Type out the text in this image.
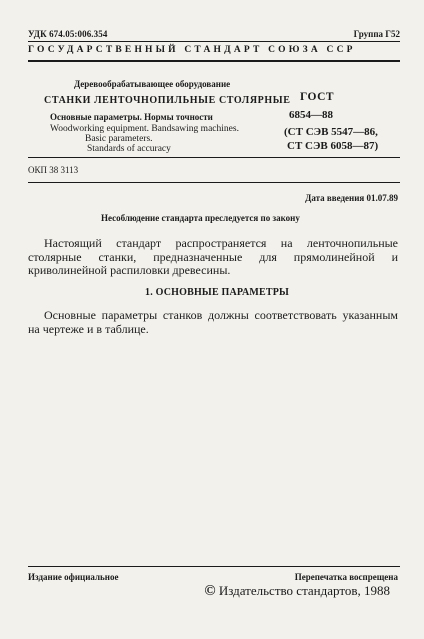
УДК 674.05:006.354	Группа Г52
ГОСУДАРСТВЕННЫЙ СТАНДАРТ СОЮЗА ССР
Деревообрабатывающее оборудование
СТАНКИ ЛЕНТОЧНОПИЛЬНЫЕ СТОЛЯРНЫЕ
Основные параметры. Нормы точности
Woodworking equipment. Bandsawing machines.
Basic parameters.
Standards of accuracy
ГОСТ
6854—88
(СТ СЭВ 5547—86,
СТ СЭВ 6058—87)
ОКП 38 3113
Дата введения 01.07.89
Несоблюдение стандарта преследуется по закону
Настоящий стандарт распространяется на ленточнопильные столярные станки, предназначенные для прямолинейной и криволинейной распиловки древесины.
1. ОСНОВНЫЕ ПАРАМЕТРЫ
Основные параметры станков должны соответствовать указанным на чертеже и в таблице.
Издание официальное	Перепечатка воспрещена
© Издательство стандартов, 1988
